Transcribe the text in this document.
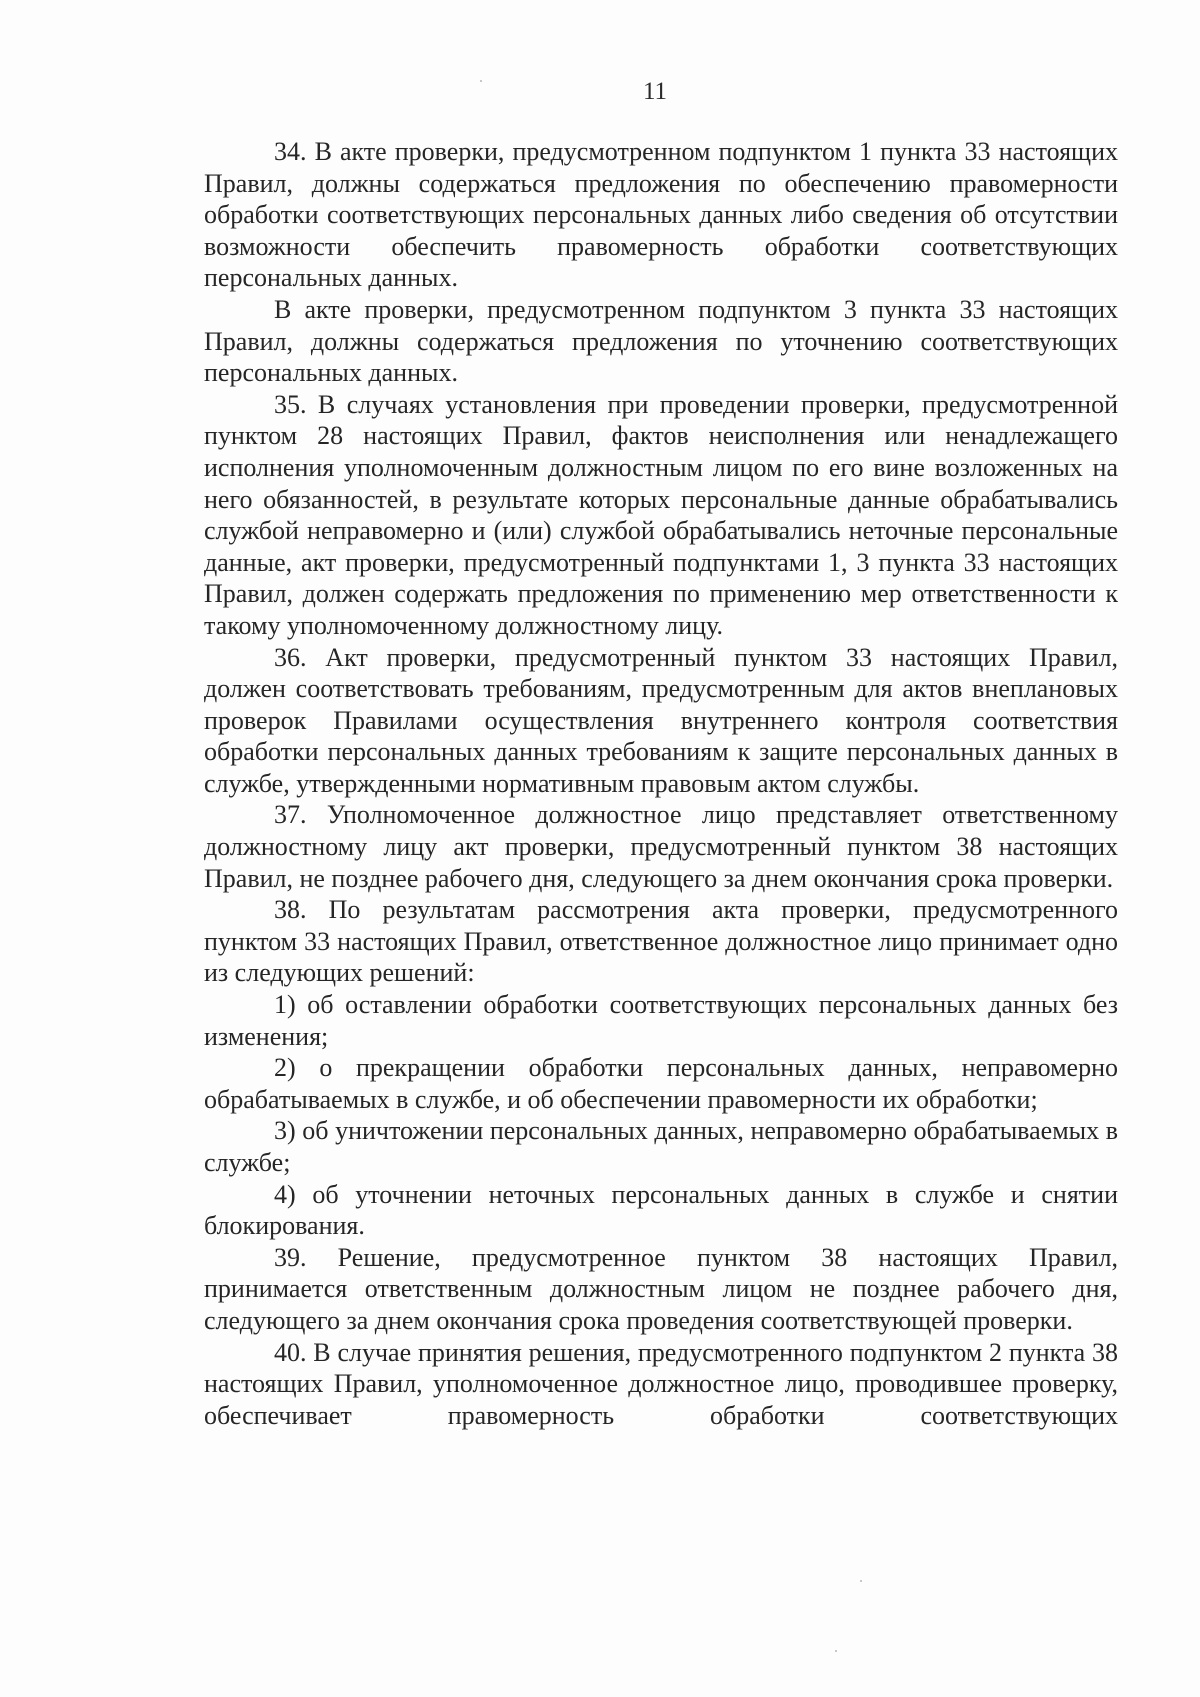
11

34. В акте проверки, предусмотренном подпунктом 1 пункта 33 настоящих Правил, должны содержаться предложения по обеспечению правомерности обработки соответствующих персональных данных либо сведения об отсутствии возможности обеспечить правомерность обработки соответствующих персональных данных.

В акте проверки, предусмотренном подпунктом 3 пункта 33 настоящих Правил, должны содержаться предложения по уточнению соответствующих персональных данных.

35. В случаях установления при проведении проверки, предусмотренной пунктом 28 настоящих Правил, фактов неисполнения или ненадлежащего исполнения уполномоченным должностным лицом по его вине возложенных на него обязанностей, в результате которых персональные данные обрабатывались службой неправомерно и (или) службой обрабатывались неточные персональные данные, акт проверки, предусмотренный подпунктами 1, 3 пункта 33 настоящих Правил, должен содержать предложения по применению мер ответственности к такому уполномоченному должностному лицу.

36. Акт проверки, предусмотренный пунктом 33 настоящих Правил, должен соответствовать требованиям, предусмотренным для актов внеплановых проверок Правилами осуществления внутреннего контроля соответствия обработки персональных данных требованиям к защите персональных данных в службе, утвержденными нормативным правовым актом службы.

37. Уполномоченное должностное лицо представляет ответственному должностному лицу акт проверки, предусмотренный пунктом 38 настоящих Правил, не позднее рабочего дня, следующего за днем окончания срока проверки.

38. По результатам рассмотрения акта проверки, предусмотренного пунктом 33 настоящих Правил, ответственное должностное лицо принимает одно из следующих решений:

1) об оставлении обработки соответствующих персональных данных без изменения;

2) о прекращении обработки персональных данных, неправомерно обрабатываемых в службе, и об обеспечении правомерности их обработки;

3) об уничтожении персональных данных, неправомерно обрабатываемых в службе;

4) об уточнении неточных персональных данных в службе и снятии блокирования.

39. Решение, предусмотренное пунктом 38 настоящих Правил, принимается ответственным должностным лицом не позднее рабочего дня, следующего за днем окончания срока проведения соответствующей проверки.

40. В случае принятия решения, предусмотренного подпунктом 2 пункта 38 настоящих Правил, уполномоченное должностное лицо, проводившее проверку, обеспечивает правомерность обработки соответствующих
